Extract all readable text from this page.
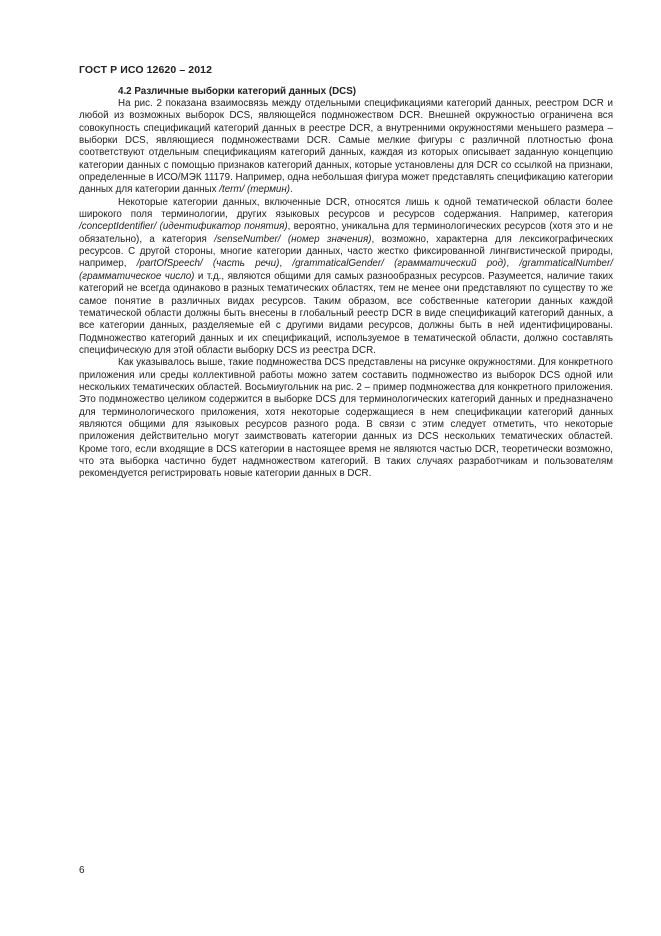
ГОСТ Р ИСО 12620 – 2012

4.2 Различные выборки категорий данных (DCS)

На рис. 2 показана взаимосвязь между отдельными спецификациями категорий данных, реестром DCR и любой из возможных выборок DCS, являющейся подмножеством DCR. Внешней окружностью ограничена вся совокупность спецификаций категорий данных в реестре DCR, а внутренними окружностями меньшего размера – выборки DCS, являющиеся подмножествами DCR. Самые мелкие фигуры с различной плотностью фона соответствуют отдельным спецификациям категорий данных, каждая из которых описывает заданную концепцию категории данных с помощью признаков категорий данных, которые установлены для DCR со ссылкой на признаки, определенные в ИСО/МЭК 11179. Например, одна небольшая фигура может представлять спецификацию категории данных для категории данных /term/ (термин).

Некоторые категории данных, включенные DCR, относятся лишь к одной тематической области более широкого поля терминологии, других языковых ресурсов и ресурсов содержания. Например, категория /conceptIdentifier/ (идентификатор понятия), вероятно, уникальна для терминологических ресурсов (хотя это и не обязательно), а категория /senseNumber/ (номер значения), возможно, характерна для лексикографических ресурсов. С другой стороны, многие категории данных, часто жестко фиксированной лингвистической природы, например, /partOfSpeech/ (часть речи), /grammaticalGender/ (грамматический род), /grammaticalNumber/ (грамматическое число) и т.д., являются общими для самых разнообразных ресурсов. Разумеется, наличие таких категорий не всегда одинаково в разных тематических областях, тем не менее они представляют по существу то же самое понятие в различных видах ресурсов. Таким образом, все собственные категории данных каждой тематической области должны быть внесены в глобальный реестр DCR в виде спецификаций категорий данных, а все категории данных, разделяемые ей с другими видами ресурсов, должны быть в ней идентифицированы. Подмножество категорий данных и их спецификаций, используемое в тематической области, должно составлять специфическую для этой области выборку DCS из реестра DCR.

Как указывалось выше, такие подмножества DCS представлены на рисунке окружностями. Для конкретного приложения или среды коллективной работы можно затем составить подмножество из выборок DCS одной или нескольких тематических областей. Восьмиугольник на рис. 2 – пример подмножества для конкретного приложения. Это подмножество целиком содержится в выборке DCS для терминологических категорий данных и предназначено для терминологического приложения, хотя некоторые содержащиеся в нем спецификации категорий данных являются общими для языковых ресурсов разного рода. В связи с этим следует отметить, что некоторые приложения действительно могут заимствовать категории данных из DCS нескольких тематических областей. Кроме того, если входящие в DCS категории в настоящее время не являются частью DCR, теоретически возможно, что эта выборка частично будет надмножеством категорий. В таких случаях разработчикам и пользователям рекомендуется регистрировать новые категории данных в DCR.

6
